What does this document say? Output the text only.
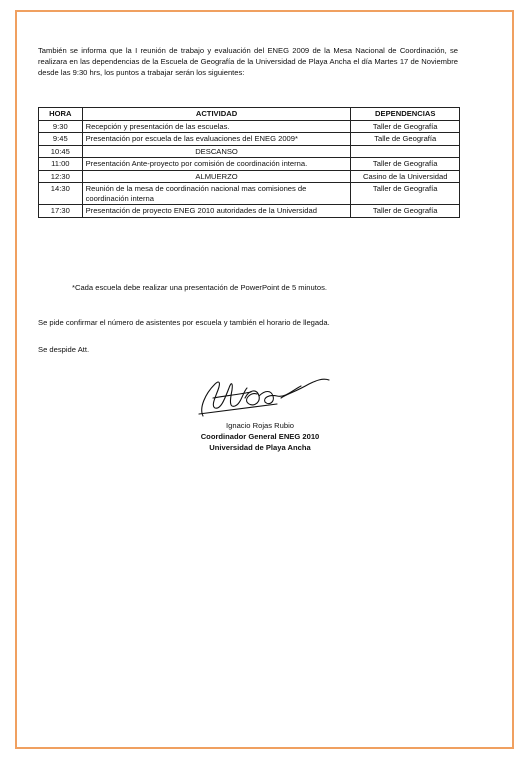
También se informa que la I reunión de trabajo y evaluación del ENEG 2009 de la Mesa Nacional de Coordinación, se realizara en las dependencias de la Escuela de Geografía de la Universidad de Playa Ancha el día Martes 17 de Noviembre desde las 9:30 hrs, los puntos a trabajar serán los siguientes:

HORA	ACTIVIDAD	DEPENDENCIAS
9:30	Recepción y presentación de las escuelas.	Taller de Geografía
9:45	Presentación por escuela de las evaluaciones del ENEG 2009*	Talle de Geografía
10:45	DESCANSO	
11:00	Presentación Ante-proyecto por comisión de coordinación interna.	Taller de Geografía
12:30	ALMUERZO	Casino de la Universidad
14:30	Reunión de la mesa de coordinación nacional mas comisiones de coordinación interna	Taller de Geografía
17:30	Presentación de proyecto ENEG 2010 autoridades de la Universidad	Taller de Geografía
*Cada escuela debe realizar una presentación de PowerPoint de 5 minutos.
Se pide confirmar el número de asistentes por escuela y también el horario de llegada.
Se despide Att.
Ignacio Rojas Rubio
Coordinador General ENEG 2010
Universidad de Playa Ancha
